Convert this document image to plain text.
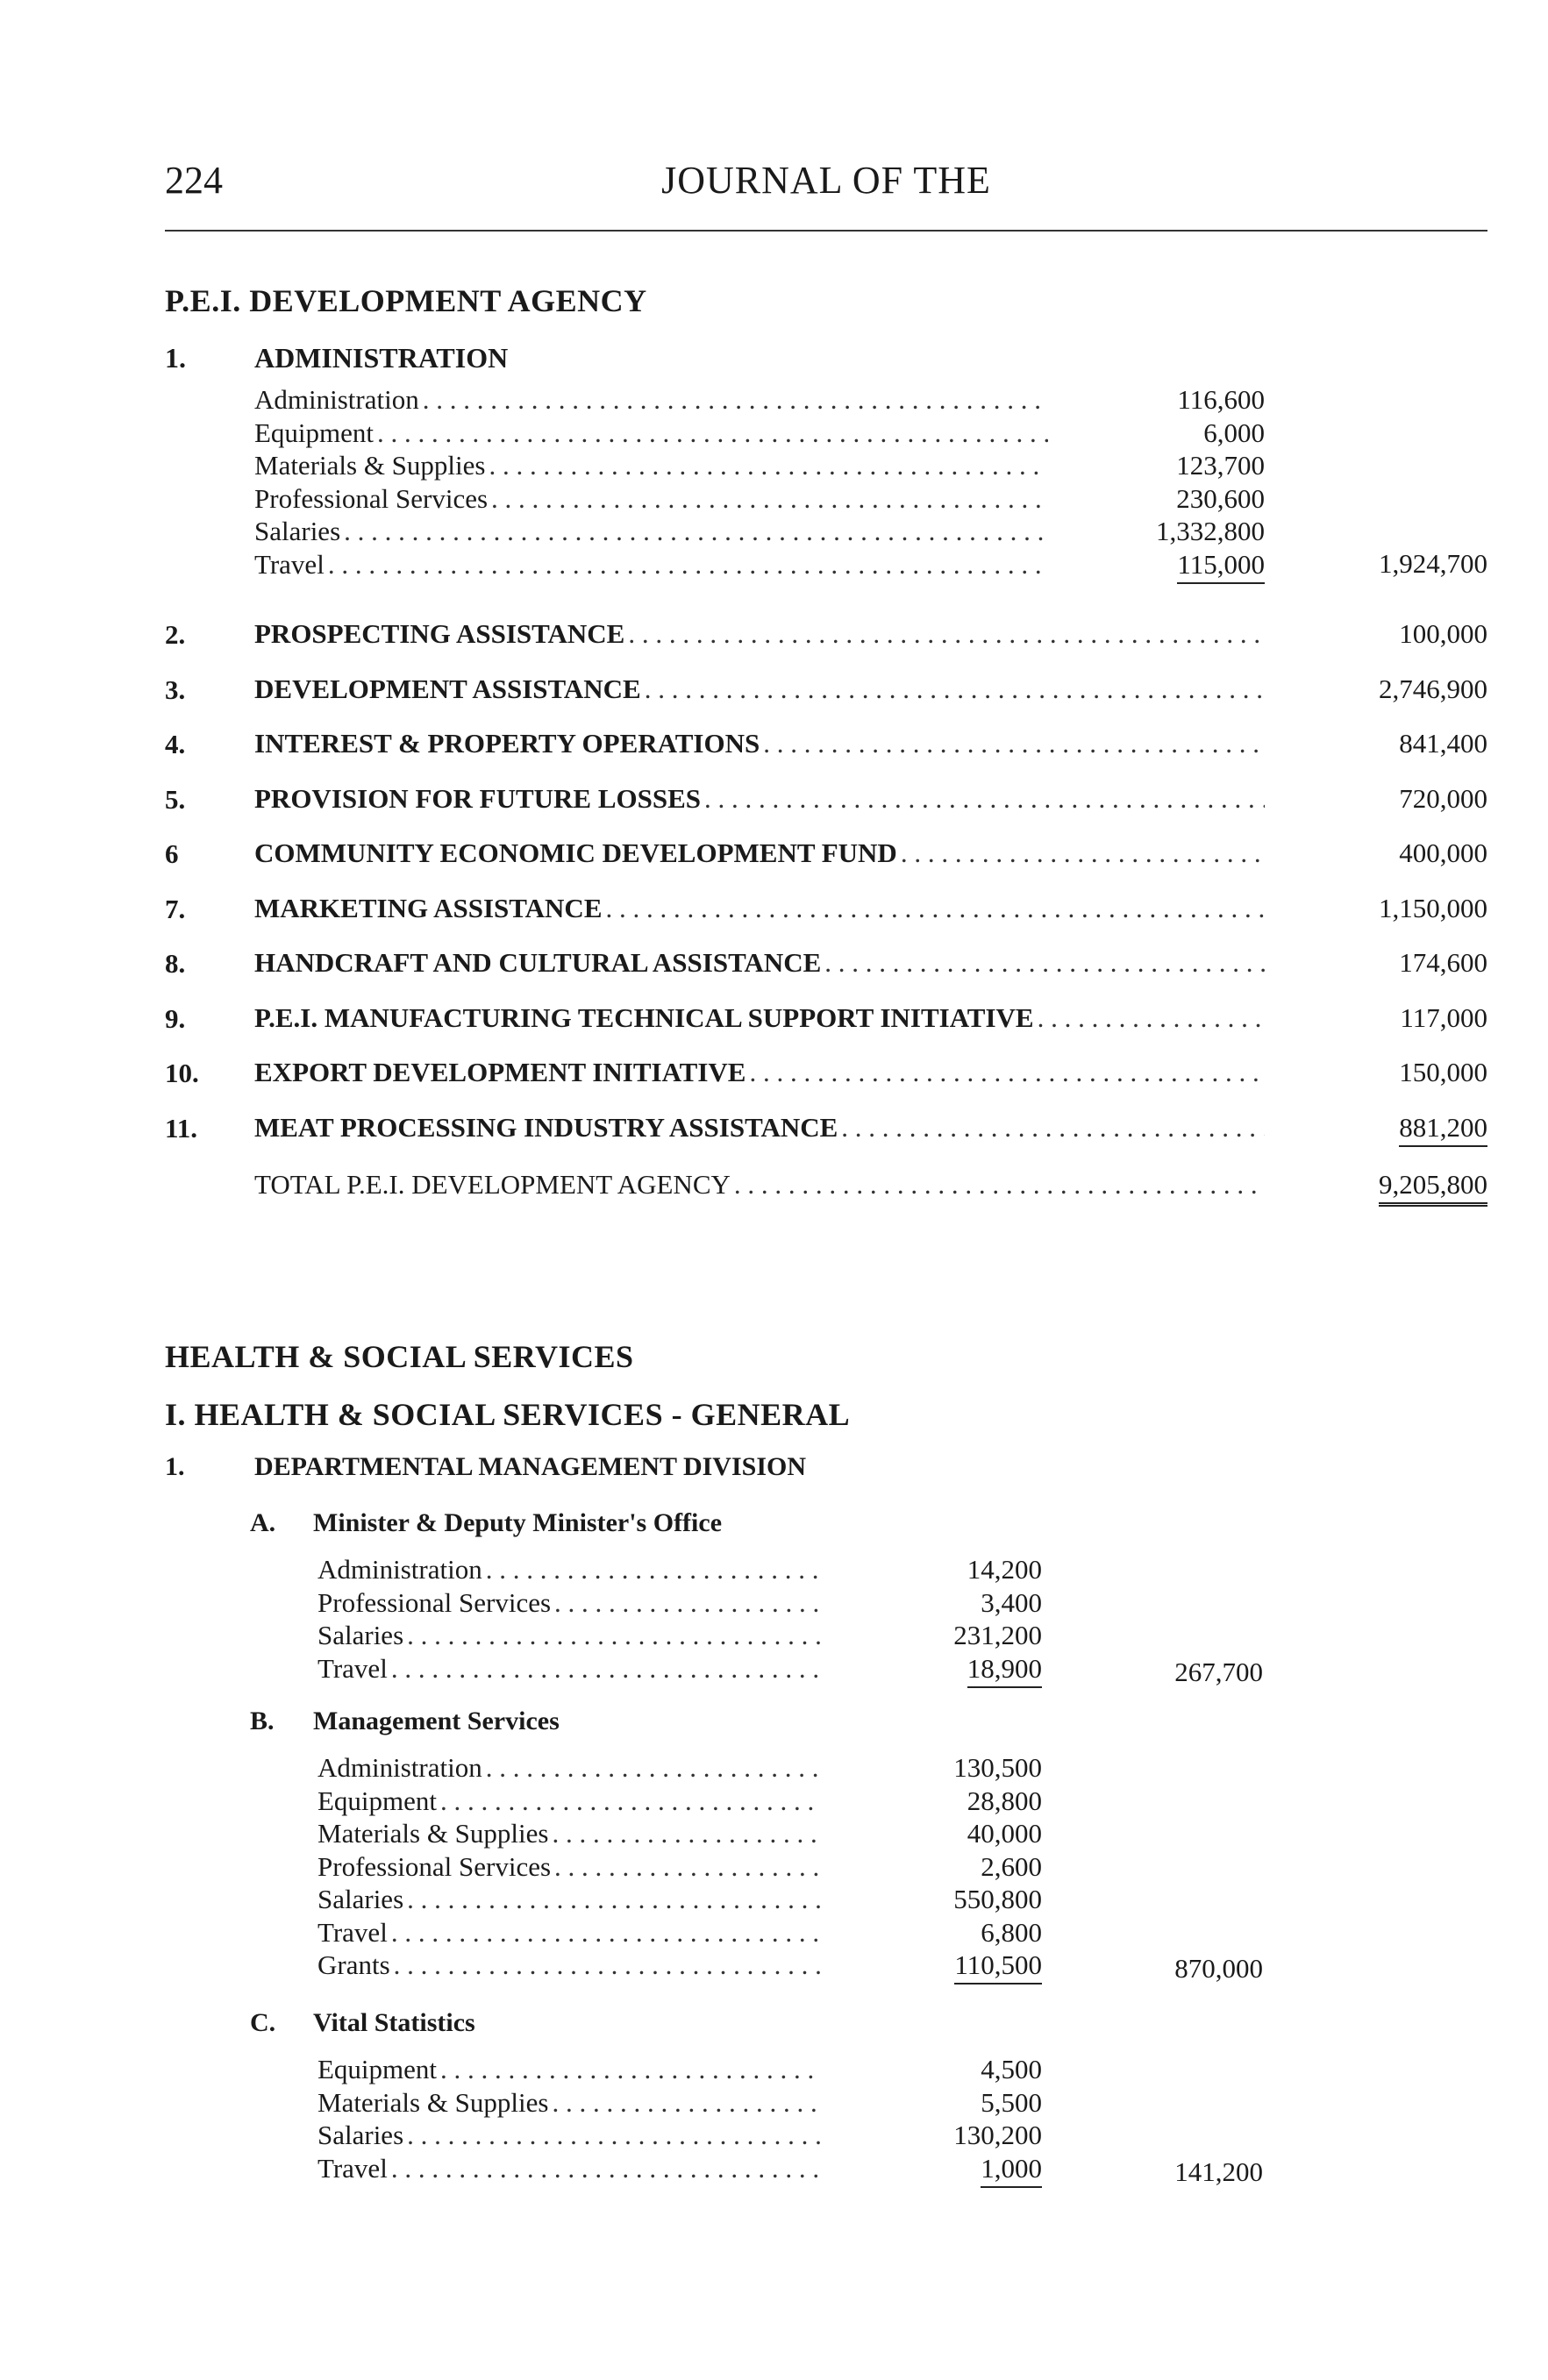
224	JOURNAL OF THE
P.E.I. DEVELOPMENT AGENCY
1. ADMINISTRATION
Administration . . .	116,600
Equipment . . .	6,000
Materials & Supplies . . .	123,700
Professional Services . . .	230,600
Salaries . . .	1,332,800
Travel . . .	115,000	1,924,700
2.	PROSPECTING ASSISTANCE . . .	100,000
3.	DEVELOPMENT ASSISTANCE . . .	2,746,900
4.	INTEREST & PROPERTY OPERATIONS . . .	841,400
5.	PROVISION FOR FUTURE LOSSES . . .	720,000
6	COMMUNITY ECONOMIC DEVELOPMENT FUND . . .	400,000
7.	MARKETING ASSISTANCE . . .	1,150,000
8.	HANDCRAFT AND CULTURAL ASSISTANCE . . .	174,600
9.	P.E.I. MANUFACTURING TECHNICAL SUPPORT INITIATIVE . . .	117,000
10. EXPORT DEVELOPMENT INITIATIVE . . .	150,000
11. MEAT PROCESSING INDUSTRY ASSISTANCE . . .	881,200
TOTAL P.E.I. DEVELOPMENT AGENCY . . .	9,205,800
HEALTH & SOCIAL SERVICES
I. HEALTH & SOCIAL SERVICES - GENERAL
1.	DEPARTMENTAL MANAGEMENT DIVISION
A. Minister & Deputy Minister's Office
Administration . . .	14,200
Professional Services . . .	3,400
Salaries . . .	231,200
Travel . . .	18,900	267,700
B. Management Services
Administration . . .	130,500
Equipment . . .	28,800
Materials & Supplies . . .	40,000
Professional Services . . .	2,600
Salaries . . .	550,800
Travel . . .	6,800
Grants . . .	110,500	870,000
C. Vital Statistics
Equipment . . .	4,500
Materials & Supplies . . .	5,500
Salaries . . .	130,200
Travel . . .	1,000	141,200
